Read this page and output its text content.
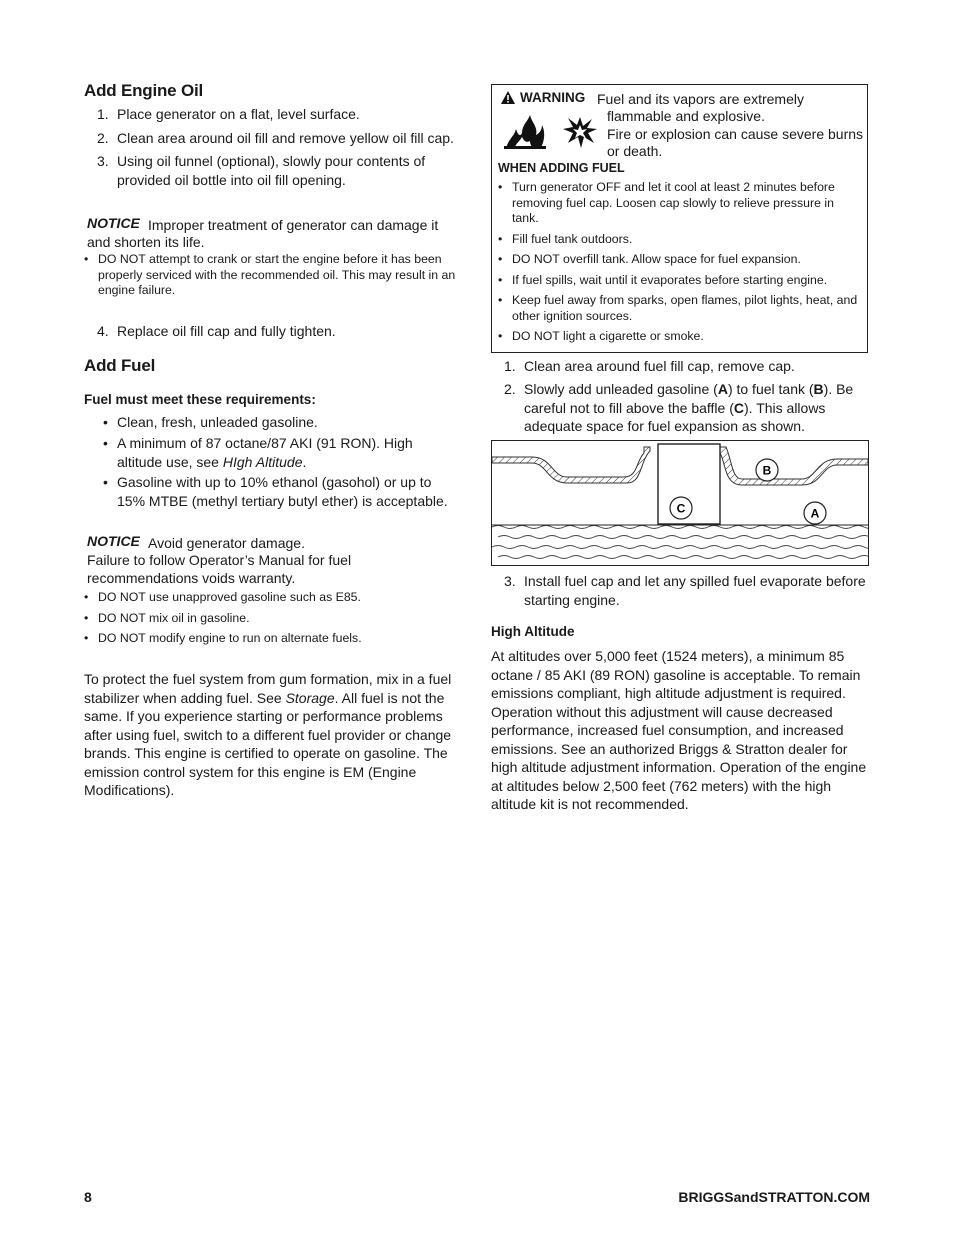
Add Engine Oil
1. Place generator on a flat, level surface.
2. Clean area around oil fill and remove yellow oil fill cap.
3. Using oil funnel (optional), slowly pour contents of provided oil bottle into oil fill opening.
NOTICE Improper treatment of generator can damage it
and shorten its life.
• DO NOT attempt to crank or start the engine before it has been properly serviced with the recommended oil. This may result in an engine failure.
4. Replace oil fill cap and fully tighten.
Add Fuel
Fuel must meet these requirements:
• Clean, fresh, unleaded gasoline.
• A minimum of 87 octane/87 AKI (91 RON). High altitude use, see HIgh Altitude.
• Gasoline with up to 10% ethanol (gasohol) or up to 15% MTBE (methyl tertiary butyl ether) is acceptable.
NOTICE Avoid generator damage.
Failure to follow Operator’s Manual for fuel
recommendations voids warranty.
• DO NOT use unapproved gasoline such as E85.
• DO NOT mix oil in gasoline.
• DO NOT modify engine to run on alternate fuels.
To protect the fuel system from gum formation, mix in a fuel stabilizer when adding fuel. See Storage. All fuel is not the same. If you experience starting or performance problems after using fuel, switch to a different fuel provider or change brands. This engine is certified to operate on gasoline. The emission control system for this engine is EM (Engine Modifications).
WARNING Fuel and its vapors are extremely
flammable and explosive.
Fire or explosion can cause severe burns
or death.
WHEN ADDING FUEL
• Turn generator OFF and let it cool at least 2 minutes before removing fuel cap. Loosen cap slowly to relieve pressure in tank.
• Fill fuel tank outdoors.
• DO NOT overfill tank. Allow space for fuel expansion.
• If fuel spills, wait until it evaporates before starting engine.
• Keep fuel away from sparks, open flames, pilot lights, heat, and other ignition sources.
• DO NOT light a cigarette or smoke.
1. Clean area around fuel fill cap, remove cap.
2. Slowly add unleaded gasoline (A) to fuel tank (B). Be careful not to fill above the baffle (C). This allows adequate space for fuel expansion as shown.
C
B
A
3. Install fuel cap and let any spilled fuel evaporate before starting engine.
High Altitude
At altitudes over 5,000 feet (1524 meters), a minimum 85 octane / 85 AKI (89 RON) gasoline is acceptable. To remain emissions compliant, high altitude adjustment is required. Operation without this adjustment will cause decreased performance, increased fuel consumption, and increased emissions. See an authorized Briggs & Stratton dealer for high altitude adjustment information. Operation of the engine at altitudes below 2,500 feet (762 meters) with the high altitude kit is not recommended.
8	BRIGGSandSTRATTON.COM
